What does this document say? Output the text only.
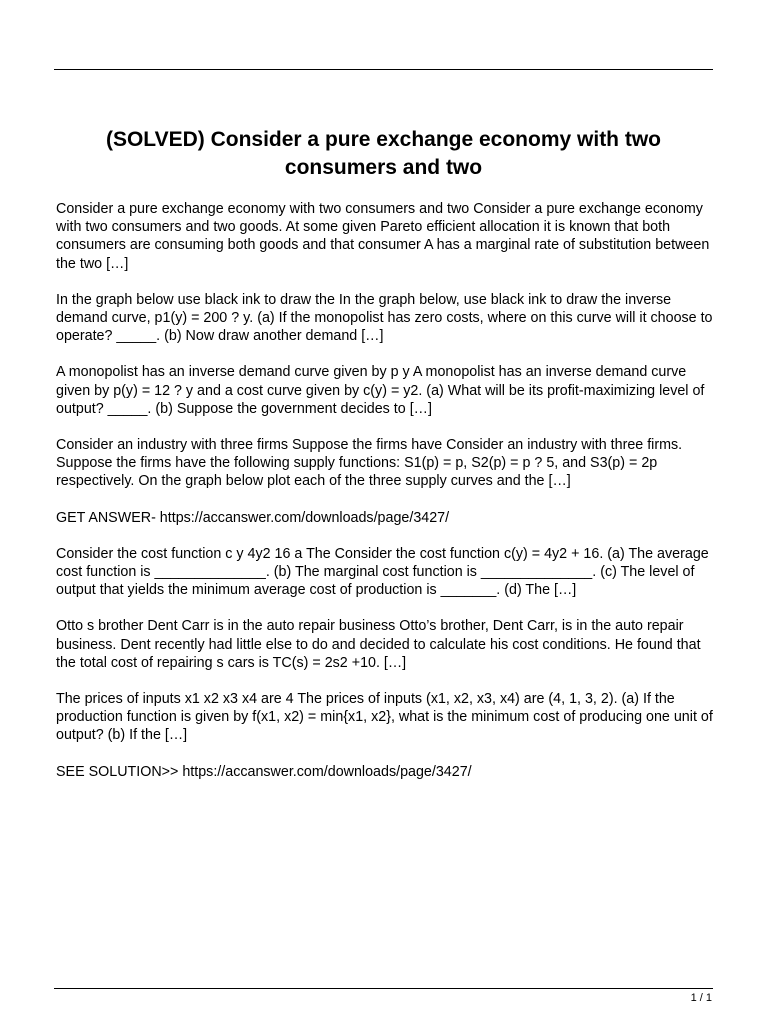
(SOLVED) Consider a pure exchange economy with two consumers and two

Consider a pure exchange economy with two consumers and two Consider a pure exchange economy with two consumers and two goods. At some given Pareto efficient allocation it is known that both consumers are consuming both goods and that consumer A has a marginal rate of substitution between the two […]

In the graph below use black ink to draw the In the graph below, use black ink to draw the inverse demand curve, p1(y) = 200 ? y. (a) If the monopolist has zero costs, where on this curve will it choose to operate? _____. (b) Now draw another demand […]

A monopolist has an inverse demand curve given by p y A monopolist has an inverse demand curve given by p(y) = 12 ? y and a cost curve given by c(y) = y2. (a) What will be its profit-maximizing level of output? _____. (b) Suppose the government decides to […]

Consider an industry with three firms Suppose the firms have Consider an industry with three firms. Suppose the firms have the following supply functions: S1(p) = p, S2(p) = p ? 5, and S3(p) = 2p respectively. On the graph below plot each of the three supply curves and the […]

GET ANSWER- https://accanswer.com/downloads/page/3427/

Consider the cost function c y 4y2 16 a The Consider the cost function c(y) = 4y2 + 16. (a) The average cost function is ______________. (b) The marginal cost function is ______________. (c) The level of output that yields the minimum average cost of production is _______. (d) The […]

Otto s brother Dent Carr is in the auto repair business Otto’s brother, Dent Carr, is in the auto repair business. Dent recently had little else to do and decided to calculate his cost conditions. He found that the total cost of repairing s cars is TC(s) = 2s2 +10. […]

The prices of inputs x1 x2 x3 x4 are 4 The prices of inputs (x1, x2, x3, x4) are (4, 1, 3, 2). (a) If the production function is given by f(x1, x2) = min{x1, x2}, what is the minimum cost of producing one unit of output? (b) If the […]

SEE SOLUTION>> https://accanswer.com/downloads/page/3427/

1 / 1
